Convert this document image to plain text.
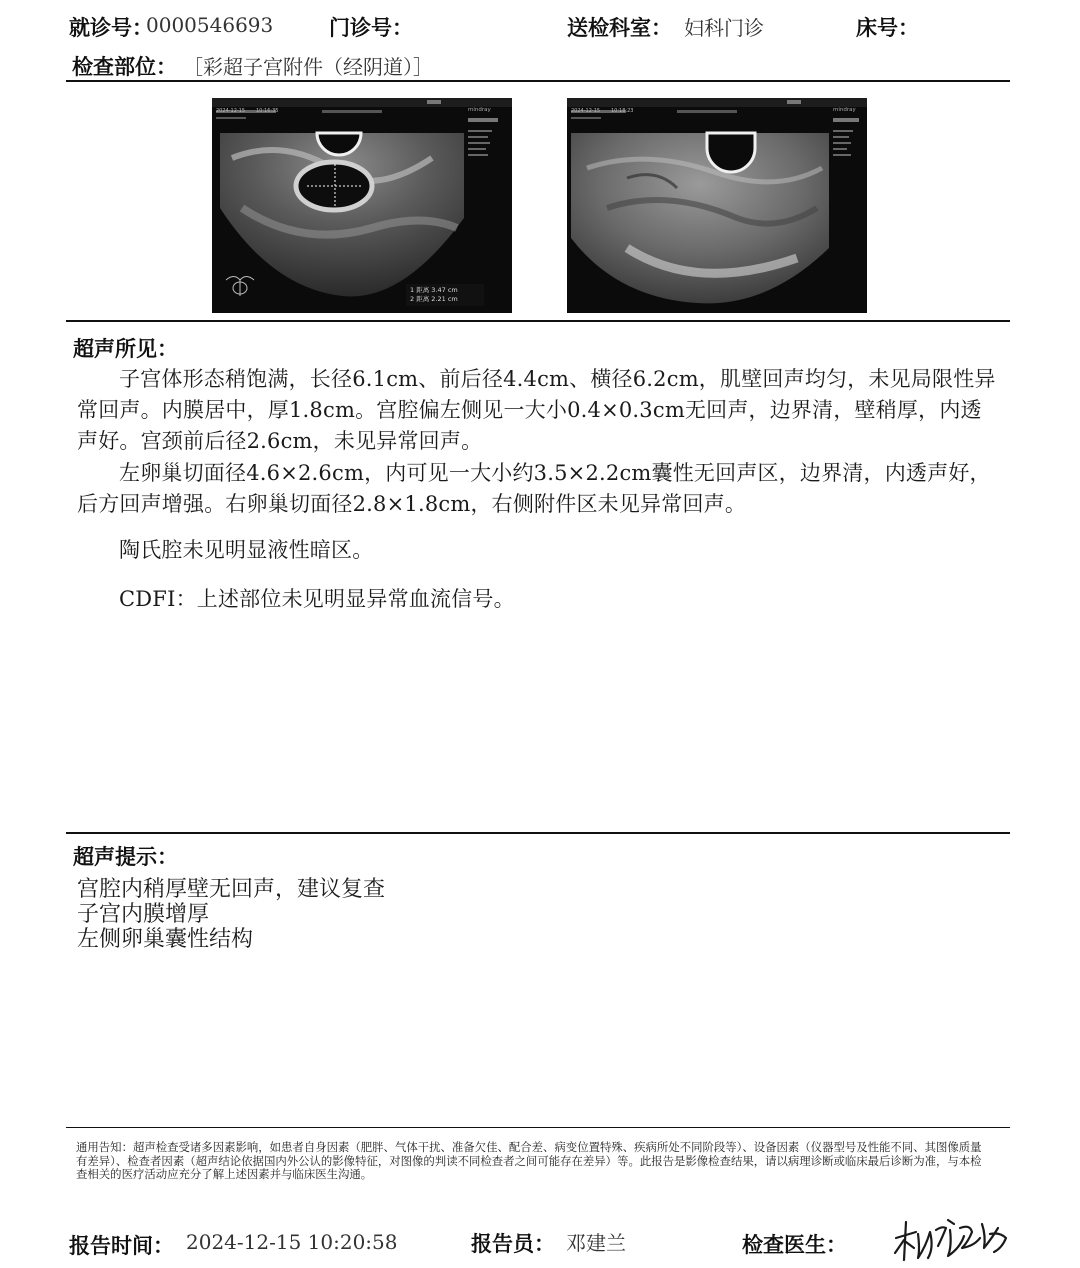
就诊号：
0000546693	门诊号：	送检科室： 妇科门诊	床号：
检查部位： ［彩超子宫附件（经阴道）］
1 距离 3.47 cm
2 距离 2.21 cm
mindray
2024-12-15 10:16:35	mindray
2024-12-15 10:18:23
超声所见：

子宫体形态稍饱满，长径6.1cm、前后径4.4cm、横径6.2cm，肌壁回声均匀，未见局限性异常回声。内膜居中，厚1.8cm。宫腔偏左侧见一大小0.4×0.3cm无回声，边界清，壁稍厚，内透声好。宫颈前后径2.6cm，未见异常回声。

左卵巢切面径4.6×2.6cm，内可见一大小约3.5×2.2cm囊性无回声区，边界清，内透声好，后方回声增强。右卵巢切面径2.8×1.8cm，右侧附件区未见异常回声。

陶氏腔未见明显液性暗区。

CDFI：上述部位未见明显异常血流信号。

超声提示：

宫腔内稍厚壁无回声，建议复查

子宫内膜增厚

左侧卵巢囊性结构

通用告知：超声检查受诸多因素影响，如患者自身因素（肥胖、气体干扰、准备欠佳、配合差、病变位置特殊、疾病所处不同阶段等）、设备因素（仪器型号及性能不同、其图像质量有差异）、检查者因素（超声结论依据国内外公认的影像特征，对图像的判读不同检查者之间可能存在差异）等。此报告是影像检查结果，请以病理诊断或临床最后诊断为准，与本检查相关的医疗活动应充分了解上述因素并与临床医生沟通。

报告时间： 2024-12-15 10:20:58	报告员： 邓建兰	检查医生：
